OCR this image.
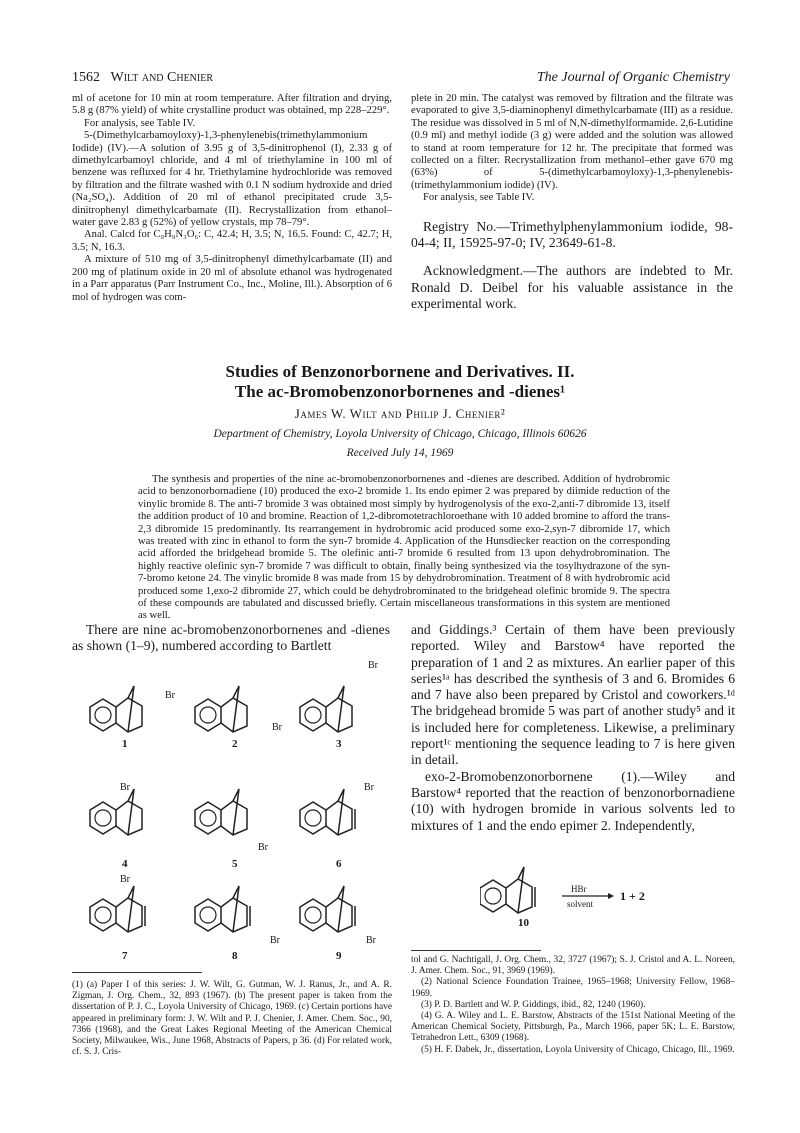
1562 Wilt and Chenier	The Journal of Organic Chemistry

ml of acetone for 10 min at room temperature. After filtration and drying, 5.8 g (87% yield) of white crystalline product was obtained, mp 228–229°.

For analysis, see Table IV.

5-(Dimethylcarbamoyloxy)-1,3-phenylenebis(trimethylammonium Iodide) (IV).—A solution of 3.95 g of 3,5-dinitrophenol (I), 2.33 g of dimethylcarbamoyl chloride, and 4 ml of triethylamine in 100 ml of benzene was refluxed for 4 hr. Triethylamine hydrochloride was removed by filtration and the filtrate washed with 0.1 N sodium hydroxide and dried (Na₂SO₄). Addition of 20 ml of ethanol precipitated crude 3,5-dinitrophenyl dimethylcarbamate (II). Recrystallization from ethanol–water gave 2.83 g (52%) of yellow crystals, mp 78–79°.

Anal. Calcd for C₉H₉N₃O₆: C, 42.4; H, 3.5; N, 16.5. Found: C, 42.7; H, 3.5; N, 16.3.

A mixture of 510 mg of 3,5-dinitrophenyl dimethylcarbamate (II) and 200 mg of platinum oxide in 20 ml of absolute ethanol was hydrogenated in a Parr apparatus (Parr Instrument Co., Inc., Moline, Ill.). Absorption of 6 mol of hydrogen was com-

plete in 20 min. The catalyst was removed by filtration and the filtrate was evaporated to give 3,5-diaminophenyl dimethylcarbamate (III) as a residue. The residue was dissolved in 5 ml of N,N-dimethylformamide. 2,6-Lutidine (0.9 ml) and methyl iodide (3 g) were added and the solution was allowed to stand at room temperature for 12 hr. The precipitate that formed was collected on a filter. Recrystallization from methanol–ether gave 670 mg (63%) of 5-(dimethylcarbamoyloxy)-1,3-phenylenebis-(trimethylammonium iodide) (IV).

For analysis, see Table IV.

Registry No.—Trimethylphenylammonium iodide, 98-04-4; II, 15925-97-0; IV, 23649-61-8.

Acknowledgment.—The authors are indebted to Mr. Ronald D. Deibel for his valuable assistance in the experimental work.

Studies of Benzonorbornene and Derivatives. II.
The ac-Bromobenzonorbornenes and -dienes¹
James W. Wilt and Philip J. Chenier²
Department of Chemistry, Loyola University of Chicago, Chicago, Illinois 60626
Received July 14, 1969
The synthesis and properties of the nine ac-bromobenzonorbornenes and -dienes are described. Addition of hydrobromic acid to benzonorbornadiene (10) produced the exo-2 bromide 1. Its endo epimer 2 was prepared by diimide reduction of the vinylic bromide 8. The anti-7 bromide 3 was obtained most simply by hydrogenolysis of the exo-2,anti-7 dibromide 13, itself the addition product of 10 and bromine. Reaction of 1,2-dibromotetrachloroethane with 10 added bromine to afford the trans-2,3 dibromide 15 predominantly. Its rearrangement in hydrobromic acid produced some exo-2,syn-7 dibromide 17, which was treated with zinc in ethanol to form the syn-7 bromide 4. Application of the Hunsdiecker reaction on the corresponding acid afforded the bridgehead bromide 5. The olefinic anti-7 bromide 6 resulted from 13 upon dehydrobromination. The highly reactive olefinic syn-7 bromide 7 was difficult to obtain, finally being synthesized via the tosylhydrazone of the syn-7-bromo ketone 24. The vinylic bromide 8 was made from 15 by dehydrobromination. Treatment of 8 with hydrobromic acid produced some 1,exo-2 dibromide 27, which could be dehydrobrominated to the bridgehead olefinic bromide 9. The spectra of these compounds are tabulated and discussed briefly. Certain miscellaneous transformations in this system are mentioned as well.
There are nine ac-bromobenzonorbornenes and -dienes as shown (1–9), numbered according to Bartlett

and Giddings.³ Certain of them have been previously reported. Wiley and Barstow⁴ have reported the preparation of 1 and 2 as mixtures. An earlier paper of this series¹ᵃ has described the synthesis of 3 and 6. Bromides 6 and 7 have also been prepared by Cristol and coworkers.¹ᵈ The bridgehead bromide 5 was part of another study⁵ and it is included here for completeness. Likewise, a preliminary report¹ᶜ mentioning the sequence leading to 7 is here given in detail.

exo-2-Bromobenzonorbornene (1).—Wiley and Barstow⁴ reported that the reaction of benzonorbornadiene (10) with hydrogen bromide in various solvents led to mixtures of 1 and the endo epimer 2. Independently,

1	2	3
4	5	6
7	8	9
Br
Br
Br
Br
Br
Br
Br
Br	Br
HBr
solvent
1 + 2
10
(1) (a) Paper I of this series: J. W. Wilt, G. Gutman, W. J. Ranus, Jr., and A. R. Zigman, J. Org. Chem., 32, 893 (1967). (b) The present paper is taken from the dissertation of P. J. C., Loyola University of Chicago, 1969. (c) Certain portions have appeared in preliminary form: J. W. Wilt and P. J. Chenier, J. Amer. Chem. Soc., 90, 7366 (1968), and the Great Lakes Regional Meeting of the American Chemical Society, Milwaukee, Wis., June 1968, Abstracts of Papers, p 36. (d) For related work, cf. S. J. Cris-

tol and G. Nachtigall, J. Org. Chem., 32, 3727 (1967); S. J. Cristol and A. L. Noreen, J. Amer. Chem. Soc., 91, 3969 (1969).

(2) National Science Foundation Trainee, 1965–1968; University Fellow, 1968–1969.

(3) P. D. Bartlett and W. P. Giddings, ibid., 82, 1240 (1960).

(4) G. A. Wiley and L. E. Barstow, Abstracts of the 151st National Meeting of the American Chemical Society, Pittsburgh, Pa., March 1966, paper 5K; L. E. Barstow, Tetrahedron Lett., 6309 (1968).

(5) H. F. Dabek, Jr., dissertation, Loyola University of Chicago, Chicago, Ill., 1969.
